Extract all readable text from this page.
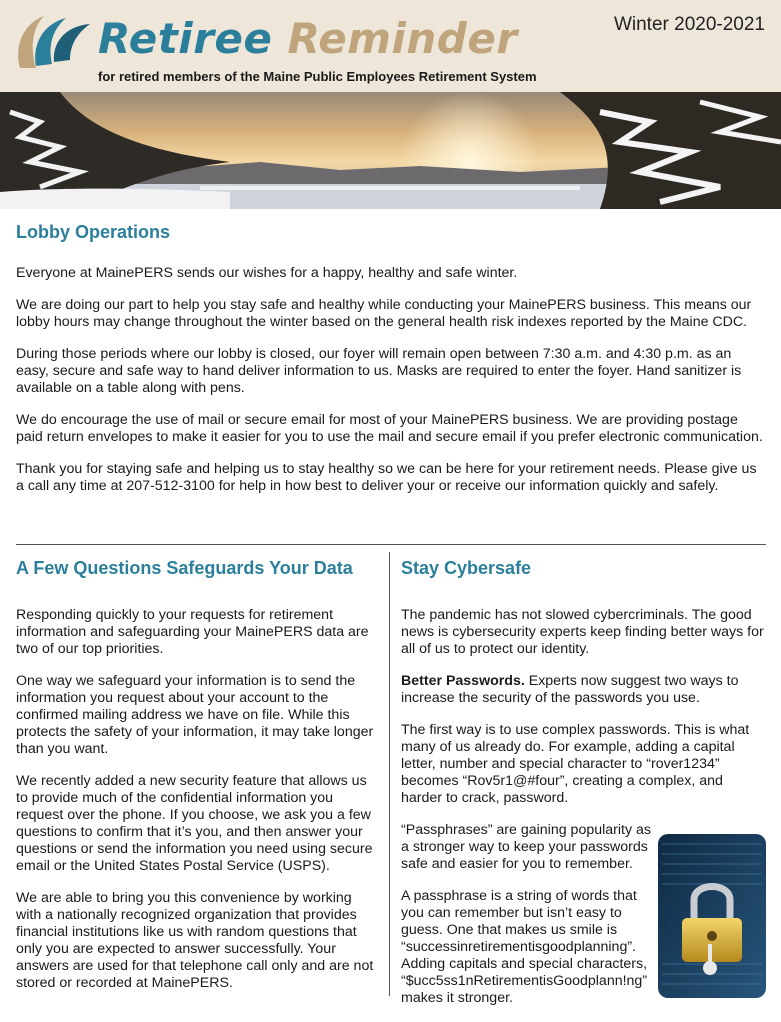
Retiree Reminder
for retired members of the Maine Public Employees Retirement System
Winter 2020-2021
Lobby Operations

Everyone at MainePERS sends our wishes for a happy, healthy and safe winter.

We are doing our part to help you stay safe and healthy while conducting your MainePERS business. This means our lobby hours may change throughout the winter based on the general health risk indexes reported by the Maine CDC.

During those periods where our lobby is closed, our foyer will remain open between 7:30 a.m. and 4:30 p.m. as an easy, secure and safe way to hand deliver information to us. Masks are required to enter the foyer. Hand sanitizer is available on a table along with pens.

We do encourage the use of mail or secure email for most of your MainePERS business. We are providing postage paid return envelopes to make it easier for you to use the mail and secure email if you prefer electronic communication.

Thank you for staying safe and helping us to stay healthy so we can be here for your retirement needs. Please give us a call any time at 207-512-3100 for help in how best to deliver your or receive our information quickly and safely.

A Few Questions Safeguards Your Data

Responding quickly to your requests for retirement information and safeguarding your MainePERS data are two of our top priorities.

One way we safeguard your information is to send the information you request about your account to the confirmed mailing address we have on file. While this protects the safety of your information, it may take longer than you want.

We recently added a new security feature that allows us to provide much of the confidential information you request over the phone. If you choose, we ask you a few questions to confirm that it’s you, and then answer your questions or send the information you need using secure email or the United States Postal Service (USPS).

We are able to bring you this convenience by working with a nationally recognized organization that provides financial institutions like us with random questions that only you are expected to answer successfully. Your answers are used for that telephone call only and are not stored or recorded at MainePERS.

Stay Cybersafe

The pandemic has not slowed cybercriminals. The good news is cybersecurity experts keep finding better ways for all of us to protect our identity.

Better Passwords. Experts now suggest two ways to increase the security of the passwords you use.

The first way is to use complex passwords. This is what many of us already do. For example, adding a capital letter, number and special character to “rover1234” becomes “Rov5r1@#four”, creating a complex, and harder to crack, password.

“Passphrases” are gaining popularity as a stronger way to keep your passwords safe and easier for you to remember.

A passphrase is a string of words that you can remember but isn’t easy to guess. One that makes us smile is “successinretirementisgoodplanning”. Adding capitals and special characters, “$ucc5ss1nRetirementisGoodplann!ng” makes it stronger.
